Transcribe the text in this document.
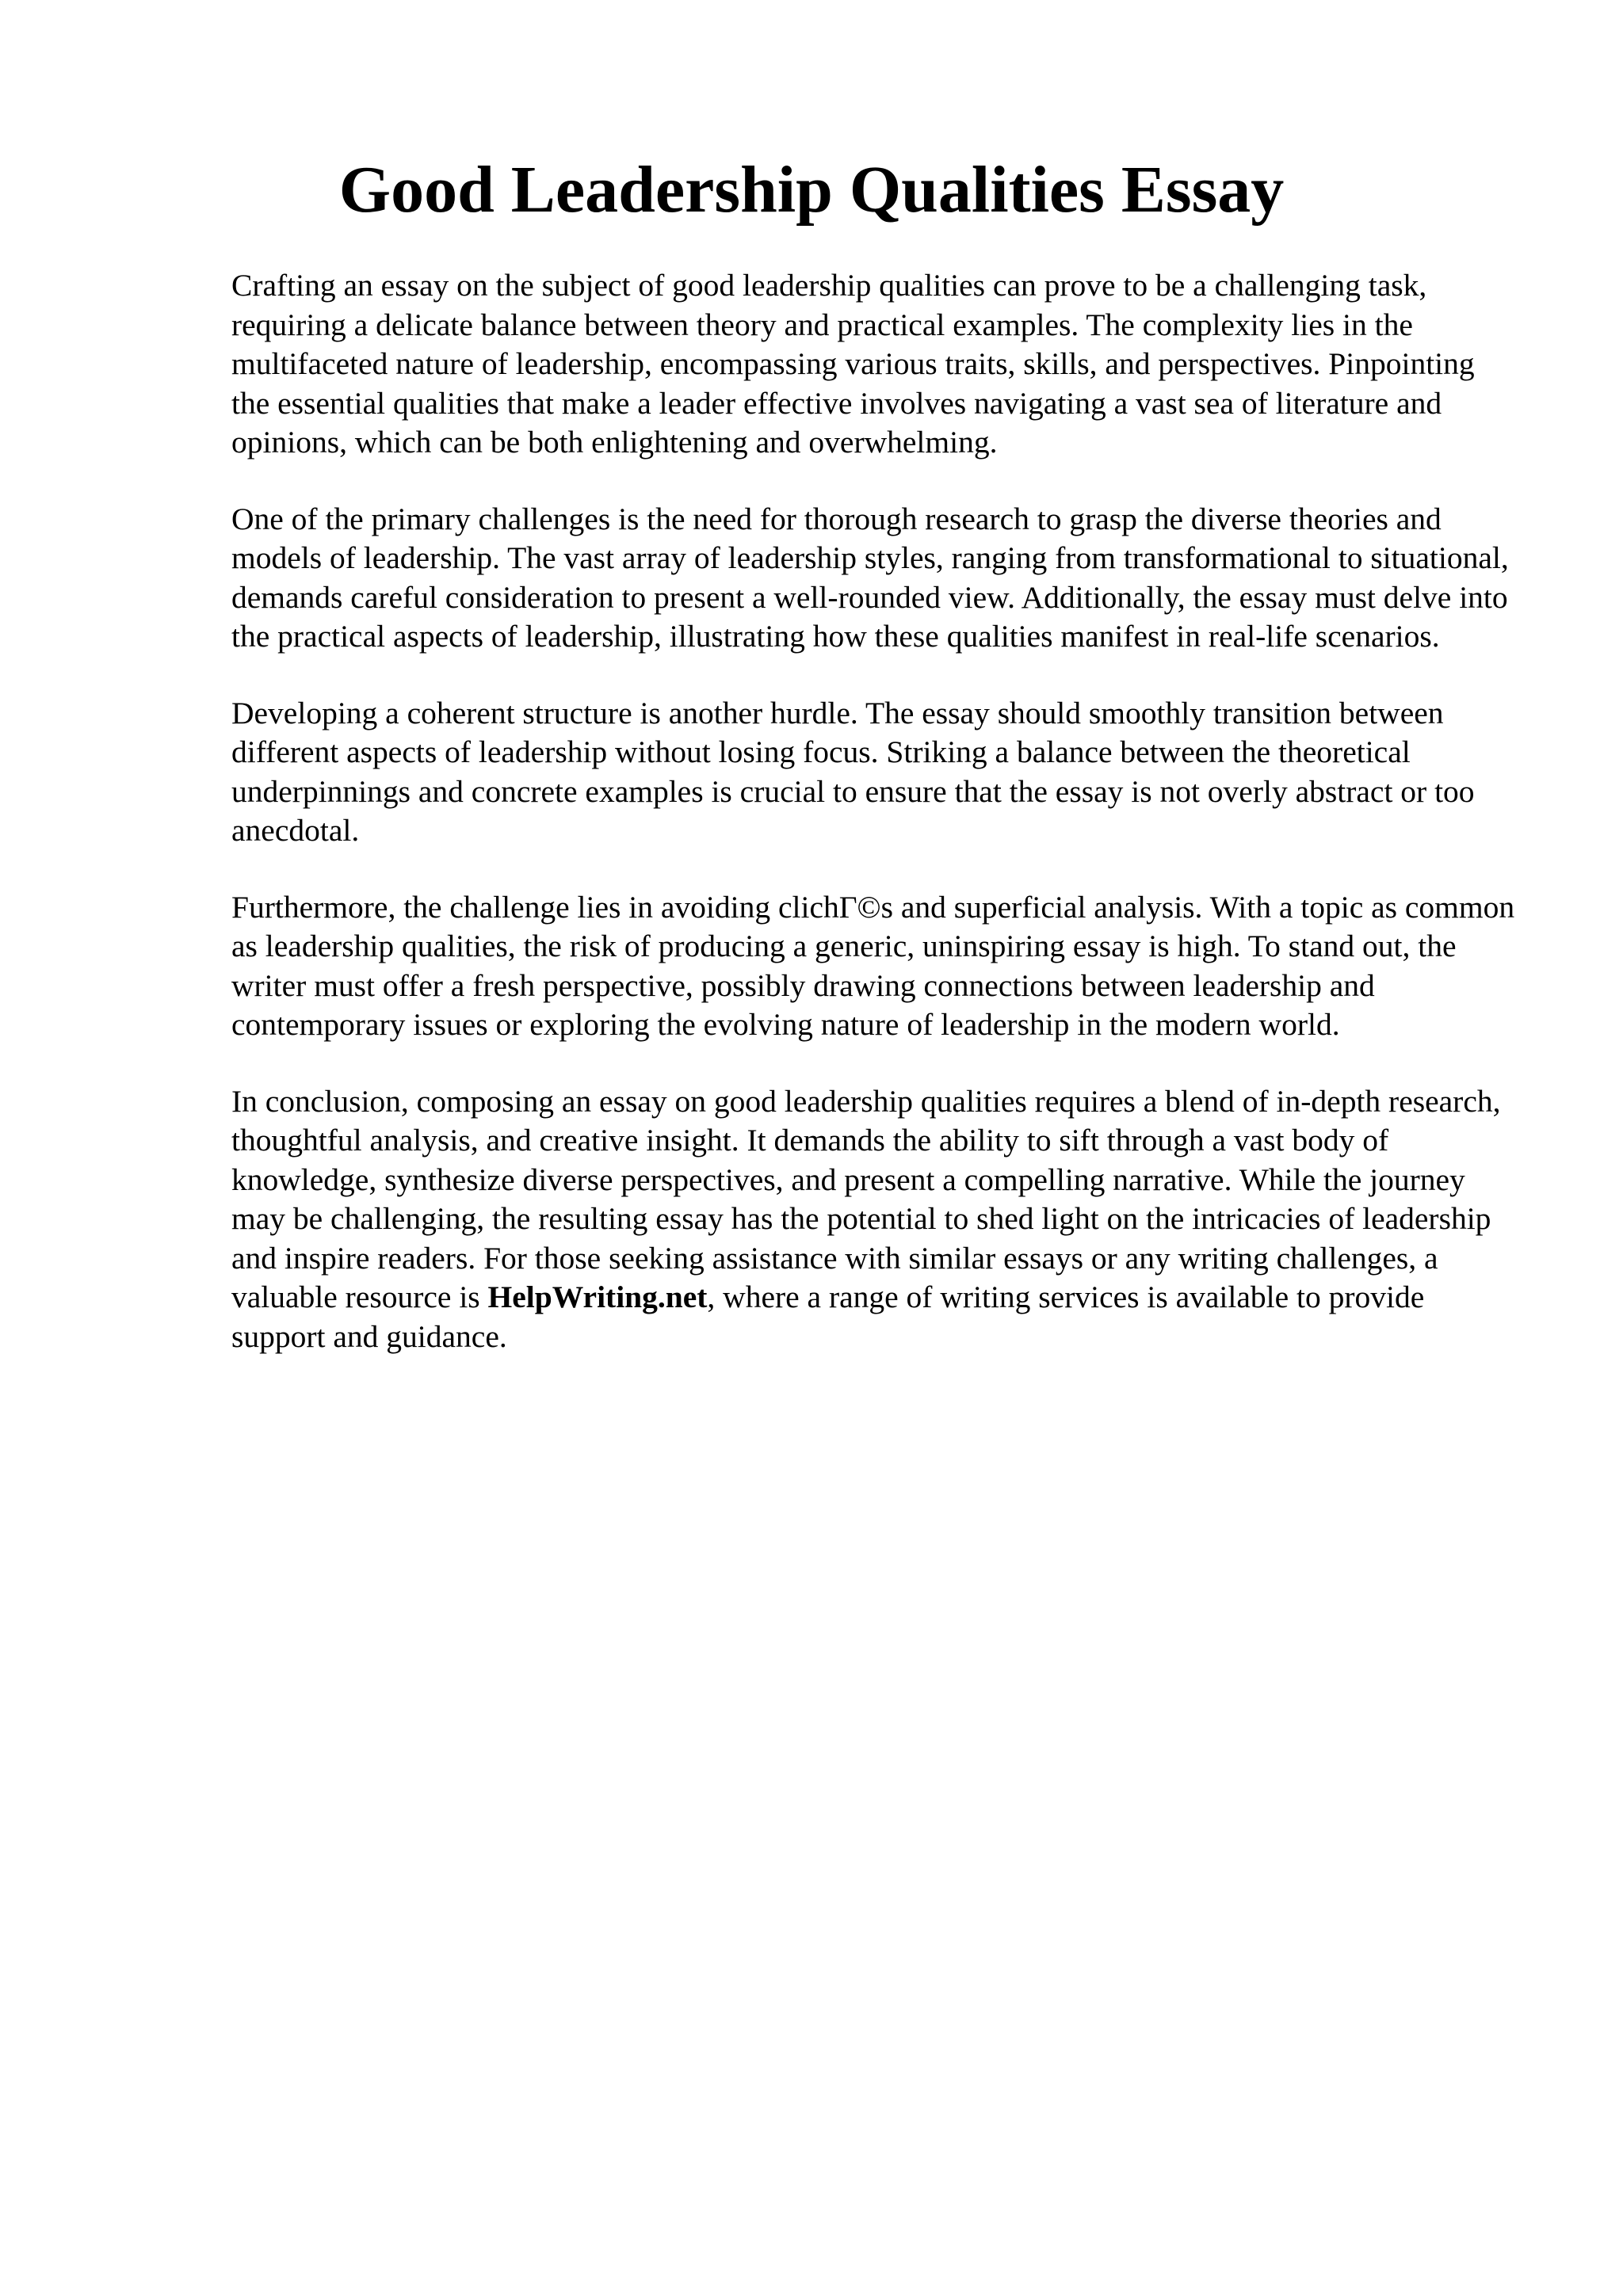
Good Leadership Qualities Essay

Crafting an essay on the subject of good leadership qualities can prove to be a challenging task, requiring a delicate balance between theory and practical examples. The complexity lies in the multifaceted nature of leadership, encompassing various traits, skills, and perspectives. Pinpointing the essential qualities that make a leader effective involves navigating a vast sea of literature and opinions, which can be both enlightening and overwhelming.

One of the primary challenges is the need for thorough research to grasp the diverse theories and models of leadership. The vast array of leadership styles, ranging from transformational to situational, demands careful consideration to present a well-rounded view. Additionally, the essay must delve into the practical aspects of leadership, illustrating how these qualities manifest in real-life scenarios.

Developing a coherent structure is another hurdle. The essay should smoothly transition between different aspects of leadership without losing focus. Striking a balance between the theoretical underpinnings and concrete examples is crucial to ensure that the essay is not overly abstract or too anecdotal.

Furthermore, the challenge lies in avoiding clichΓ©s and superficial analysis. With a topic as common as leadership qualities, the risk of producing a generic, uninspiring essay is high. To stand out, the writer must offer a fresh perspective, possibly drawing connections between leadership and contemporary issues or exploring the evolving nature of leadership in the modern world.

In conclusion, composing an essay on good leadership qualities requires a blend of in-depth research, thoughtful analysis, and creative insight. It demands the ability to sift through a vast body of knowledge, synthesize diverse perspectives, and present a compelling narrative. While the journey may be challenging, the resulting essay has the potential to shed light on the intricacies of leadership and inspire readers. For those seeking assistance with similar essays or any writing challenges, a valuable resource is HelpWriting.net, where a range of writing services is available to provide support and guidance.
